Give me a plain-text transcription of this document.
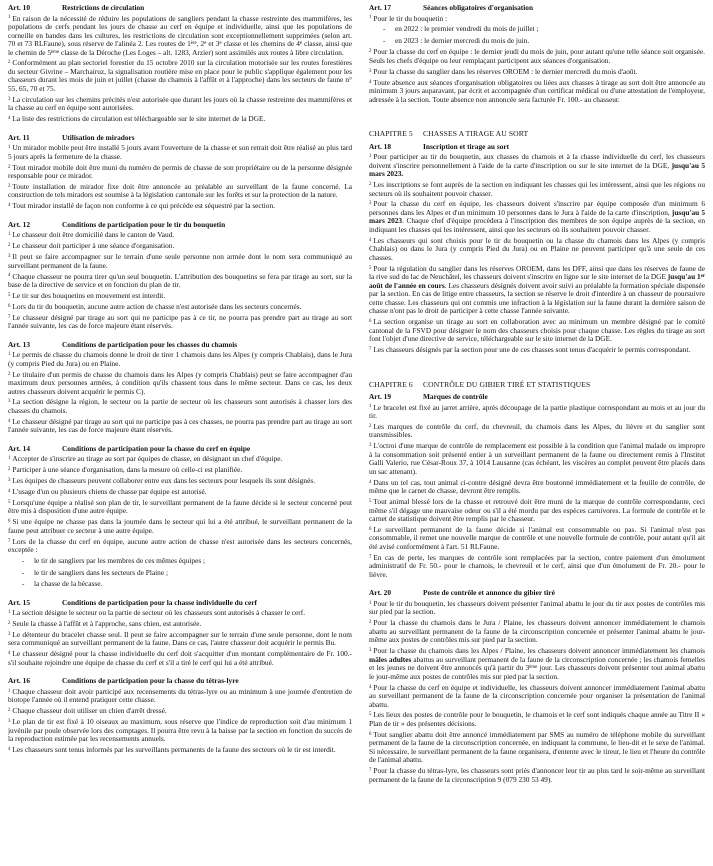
Art. 10	Restrictions de circulation

$^1$ En raison de la nécessité de réduire les populations de sangliers pendant la chasse restreinte des mammifères, les populations de cerfs pendant les jours de chasse au cerf en équipe et individuelle, ainsi que les populations de corneille en bandes dans les cultures, les restrictions de circulation sont exceptionnellement supprimées (selon art. 70 et 73 RLFaune), sous réserve de l'alinéa 2. Les routes de 1ère, 2e et 3e classe et les chemins de 4e classe, ainsi que le chemin de 5ème classe de la Déroche (Les Loges – alt. 1283, Arzier) sont assimilés aux routes à libre circulation.

$^2$ Conformément au plan sectoriel forestier du 15 octobre 2010 sur la circulation motorisée sur les routes forestières du secteur Givrine – Marchairuz, la signalisation routière mise en place pour le public s'applique également pour les chasseurs durant les mois de juin et juillet (chasse du chamois à l'affût et à l'approche) dans les secteurs de faune n° 55, 65, 70 et 75.

$^3$ La circulation sur les chemins précités n'est autorisée que durant les jours où la chasse restreinte des mammifères et la chasse au cerf en équipe sont autorisées.

$^4$ La liste des restrictions de circulation est téléchargeable sur le site internet de la DGE.

Art. 11	Utilisation de miradors

$^1$ Un mirador mobile peut être installé 5 jours avant l'ouverture de la chasse et son retrait doit être réalisé au plus tard 5 jours après la fermeture de la chasse.

$^2$ Tout mirador mobile doit être muni du numéro de permis de chasse de son propriétaire ou de la personne désignée responsable pour ce mirador.

$^3$ Toute installation de mirador fixe doit être annoncée au préalable au surveillant de la faune concerné. La construction de tels miradors est soumise à la législation cantonale sur les forêts et sur la protection de la nature.

$^4$ Tout mirador installé de façon non conforme à ce qui précède est séquestré par la section.

Art. 12	Conditions de participation pour le tir du bouquetin

$^1$ Le chasseur doit être domicilié dans le canton de Vaud.

$^2$ Le chasseur doit participer à une séance d'organisation.

$^3$ Il peut se faire accompagner sur le terrain d'une seule personne non armée dont le nom sera communiqué au surveillant permanent de la faune.

$^4$ Chaque chasseur ne pourra tirer qu'un seul bouquetin. L'attribution des bouquetins se fera par tirage au sort, sur la base de la directive de service et en fonction du plan de tir.

$^5$ Le tir sur des bouquetins en mouvement est interdit.

$^6$ Lors du tir du bouquetin, aucune autre action de chasse n'est autorisée dans les secteurs concernés.

$^7$ Le chasseur désigné par tirage au sort qui ne participe pas à ce tir, ne pourra pas prendre part au tirage au sort l'année suivante, les cas de force majeure étant réservés.

Art. 13	Conditions de participation pour les chasses du chamois

$^1$ Le permis de chasse du chamois donne le droit de tirer 1 chamois dans les Alpes (y compris Chablais), dans le Jura (y compris Pied du Jura) ou en Plaine.

$^2$ Le titulaire d'un permis de chasse du chamois dans les Alpes (y compris Chablais) peut se faire accompagner d'au maximum deux personnes armées, à condition qu'ils chassent tous dans le même secteur. Dans ce cas, les deux autres chasseurs doivent acquérir le permis C).

$^3$ La section désigne la région, le secteur ou la partie de secteur où les chasseurs sont autorisés à chasser lors des chasses du chamois.

$^4$ Le chasseur désigné par tirage au sort qui ne participe pas à ces chasses, ne pourra pas prendre part au tirage au sort l'année suivante, les cas de force majeure étant réservés.

Art. 14	Conditions de participation pour la chasse du cerf en équipe

$^1$ Accepter de s'inscrire au tirage au sort par équipes de chasse, en désignant un chef d'équipe.

$^2$ Participer à une séance d'organisation, dans la mesure où celle-ci est planifiée.

$^3$ Les équipes de chasseurs peuvent collaborer entre eux dans les secteurs pour lesquels ils sont désignés.

$^4$ L'usage d'un ou plusieurs chiens de chasse par équipe est autorisé.

$^5$ Lorsqu'une équipe a réalisé son plan de tir, le surveillant permanent de la faune décide si le secteur concerné peut être mis à disposition d'une autre équipe.

$^6$ Si une équipe ne chasse pas dans la journée dans le secteur qui lui a été attribué, le surveillant permanent de la faune peut attribuer ce secteur à une autre équipe.

$^7$ Lors de la chasse du cerf en équipe, aucune autre action de chasse n'est autorisée dans les secteurs concernés, exceptée :

- le tir de sangliers par les membres de ces mêmes équipes ;
- le tir de sangliers dans les secteurs de Plaine ;
- la chasse de la bécasse.
Art. 15	Conditions de participation pour la chasse individuelle du cerf

$^1$ La section désigne le secteur ou la partie de secteur où les chasseurs sont autorisés à chasser le cerf.

$^2$ Seule la chasse à l'affût et à l'approche, sans chien, est autorisée.

$^3$ Le détenteur du bracelet chasse seul. Il peut se faire accompagner sur le terrain d'une seule personne, dont le nom sera communiqué au surveillant permanent de la faune. Dans ce cas, l'autre chasseur doit acquérir le permis Bu.

$^4$ Le chasseur désigné pour la chasse individuelle du cerf doit s'acquitter d'un montant complémentaire de Fr. 100.- s'il souhaite rejoindre une équipe de chasse du cerf et s'il a tiré le cerf qui lui a été attribué.

Art. 16	Conditions de participation pour la chasse du tétras-lyre

$^1$ Chaque chasseur doit avoir participé aux recensements du tétras-lyre ou au minimum à une journée d'entretien de biotope l'année où il entend pratiquer cette chasse.

$^2$ Chaque chasseur doit utiliser un chien d'arrêt dressé.

$^3$ Le plan de tir est fixé à 10 oiseaux au maximum, sous réserve que l'indice de reproduction soit d'au minimum 1 juvénile par poule observée lors des comptages. Il pourra être revu à la baisse par la section en fonction du succès de la reproduction estimée par les recensements annuels.

$^4$ Les chasseurs sont tenus informés par les surveillants permanents de la faune des secteurs où le tir est interdit.

Art. 17	Séances obligatoires d'organisation

$^1$ Pour le tir du bouquetin :

- en 2022 : le premier vendredi du mois de juillet ;
- en 2023 : le dernier mercredi du mois de juin.

$^2$ Pour la chasse du cerf en équipe : le dernier jeudi du mois de juin, pour autant qu'une telle séance soit organisée. Seuls les chefs d'équipe ou leur remplaçant participent aux séances d'organisation.

$^3$ Pour la chasse du sanglier dans les réserves OROEM : le dernier mercredi du mois d'août.

$^4$ Toute absence aux séances d'organisation obligatoires ou liées aux chasses à tirage au sort doit être annoncée au minimum 3 jours auparavant, par écrit et accompagnée d'un certificat médical ou d'une attestation de l'employeur, adressée à la section. Toute absence non annoncée sera facturée Fr. 100.- au chasseur.

CHAPITRE 5	CHASSES A TIRAGE AU SORT
Art. 18	Inscription et tirage au sort

$^1$ Pour participer au tir du bouquetin, aux chasses du chamois et à la chasse individuelle du cerf, les chasseurs doivent s'inscrire personnellement à l'aide de la carte d'inscription ou sur le site internet de la DGE, jusqu'au 5 mars 2023.

$^2$ Les inscriptions se font auprès de la section en indiquant les chasses qui les intéressent, ainsi que les régions ou secteurs où ils souhaitent pouvoir chasser.

$^3$ Pour la chasse du cerf en équipe, les chasseurs doivent s'inscrire par équipe composée d'un minimum 6 personnes dans les Alpes et d'un minimum 10 personnes dans le Jura à l'aide de la carte d'inscription, jusqu'au 5 mars 2023. Chaque chef d'équipe procèdera à l'inscription des membres de son équipe auprès de la section, en indiquant les chasses qui les intéressent, ainsi que les secteurs où ils souhaitent pouvoir chasser.

$^4$ Les chasseurs qui sont choisis pour le tir du bouquetin ou la chasse du chamois dans les Alpes (y compris Chablais) ou dans le Jura (y compris Pied du Jura) ou en Plaine ne peuvent participer qu'à une seule de ces chasses.

$^5$ Pour la régulation du sanglier dans les réserves OROEM, dans les DFF, ainsi que dans les réserves de faune de la rive sud du lac de Neuchâtel, les chasseurs doivent s'inscrire en ligne sur le site internet de la DGE jusqu'au 1er août de l'année en cours. Les chasseurs désignés doivent avoir suivi au préalable la formation spéciale dispensée par la section. En cas de litige entre chasseurs, la section se réserve le droit d'interdire à un chasseur de poursuivre cette chasse. Les chasseurs qui ont commis une infraction à la législation sur la faune durant la dernière saison de chasse n'ont pas le droit de participer à cette chasse l'année suivante.

$^6$ La section organise un tirage au sort en collaboration avec au minimum un membre désigné par le comité cantonal de la FSVD pour désigner le nom des chasseurs choisis pour chaque chasse. Les règles du tirage au sort font l'objet d'une directive de service, téléchargeable sur le site internet de la DGE.

$^7$ Les chasseurs désignés par la section pour une de ces chasses sont tenus d'acquérir le permis correspondant.

CHAPITRE 6	CONTRÔLE DU GIBIER TIRÉ ET STATISTIQUES
Art. 19	Marques de contrôle

$^1$ Le bracelet est fixé au jarret arrière, après découpage de la partie plastique correspondant au mois et au jour du tir.

$^2$ Les marques de contrôle du cerf, du chevreuil, du chamois dans les Alpes, du lièvre et du sanglier sont transmissibles.

$^3$ L'octroi d'une marque de contrôle de remplacement est possible à la condition que l'animal malade ou impropre à la consommation soit présenté entier à un surveillant permanent de la faune ou directement remis à l'Institut Galli Valerio, rue César-Roux 37, à 1014 Lausanne (cas échéant, les viscères au complet peuvent être placés dans un sac attenant).

$^4$ Dans un tel cas, tout animal ci-contre désigné devra être boutonné immédiatement et la feuille de contrôle, de même que le carnet de chasse, devront être remplis.

$^5$ Tout animal blessé lors de la chasse et retrouvé doit être muni de la marque de contrôle correspondante, ceci même s'il dégage une mauvaise odeur ou s'il a été mordu par des espèces carnivores. La formule de contrôle et le carnet de statistique doivent être remplis par le chasseur.

$^6$ Le surveillant permanent de la faune décide si l'animal est consommable ou pas. Si l'animal n'est pas consommable, il remet une nouvelle marque de contrôle et une nouvelle formule de contrôle, pour autant qu'il ait été avisé conformément à l'art. 51 RLFaune.

$^7$ En cas de perte, les marques de contrôle sont remplacées par la section, contre paiement d'un émolument administratif de Fr. 50.- pour le chamois, le chevreuil et le cerf, ainsi que d'un émolument de Fr. 20.- pour le lièvre.

Art. 20	Poste de contrôle et annonce du gibier tiré

$^1$ Pour le tir du bouquetin, les chasseurs doivent présenter l'animal abattu le jour du tir aux postes de contrôles mis sur pied par la section.

$^2$ Pour la chasse du chamois dans le Jura / Plaine, les chasseurs doivent annoncer immédiatement le chamois abattu au surveillant permanent de la faune de la circonscription concernée et présenter l'animal abattu le jour-même aux postes de contrôles mis sur pied par la section.

$^3$ Pour la chasse du chamois dans les Alpes / Plaine, les chasseurs doivent annoncer immédiatement les chamois mâles adultes abattus au surveillant permanent de la faune de la circonscription concernée ; les chamois femelles et les jeunes ne doivent être annoncés qu'à partir du 3ème jour. Les chasseurs doivent présenter tout animal abattu le jour-même aux postes de contrôles mis sur pied par la section.

$^4$ Pour la chasse du cerf en équipe et individuelle, les chasseurs doivent annoncer immédiatement l'animal abattu au surveillant permanent de la faune de la circonscription concernée pour organiser la présentation de l'animal abattu.

$^5$ Les lieux des postes de contrôle pour le bouquetin, le chamois et le cerf sont indiqués chaque année au Titre II « Plan de tir » des présentes décisions.

$^6$ Tout sanglier abattu doit être annoncé immédiatement par SMS au numéro de téléphone mobile du surveillant permanent de la faune de la circonscription concernée, en indiquant la commune, le lieu-dit et le sexe de l'animal. Si nécessaire, le surveillant permanent de la faune organisera, d'entente avec le tireur, le lieu et l'heure du contrôle de l'animal abattu.

$^7$ Pour la chasse du tétras-lyre, les chasseurs sont priés d'annoncer leur tir au plus tard le soir-même au surveillant permanent de la faune de la circonscription 9 (079 230 53 49).
